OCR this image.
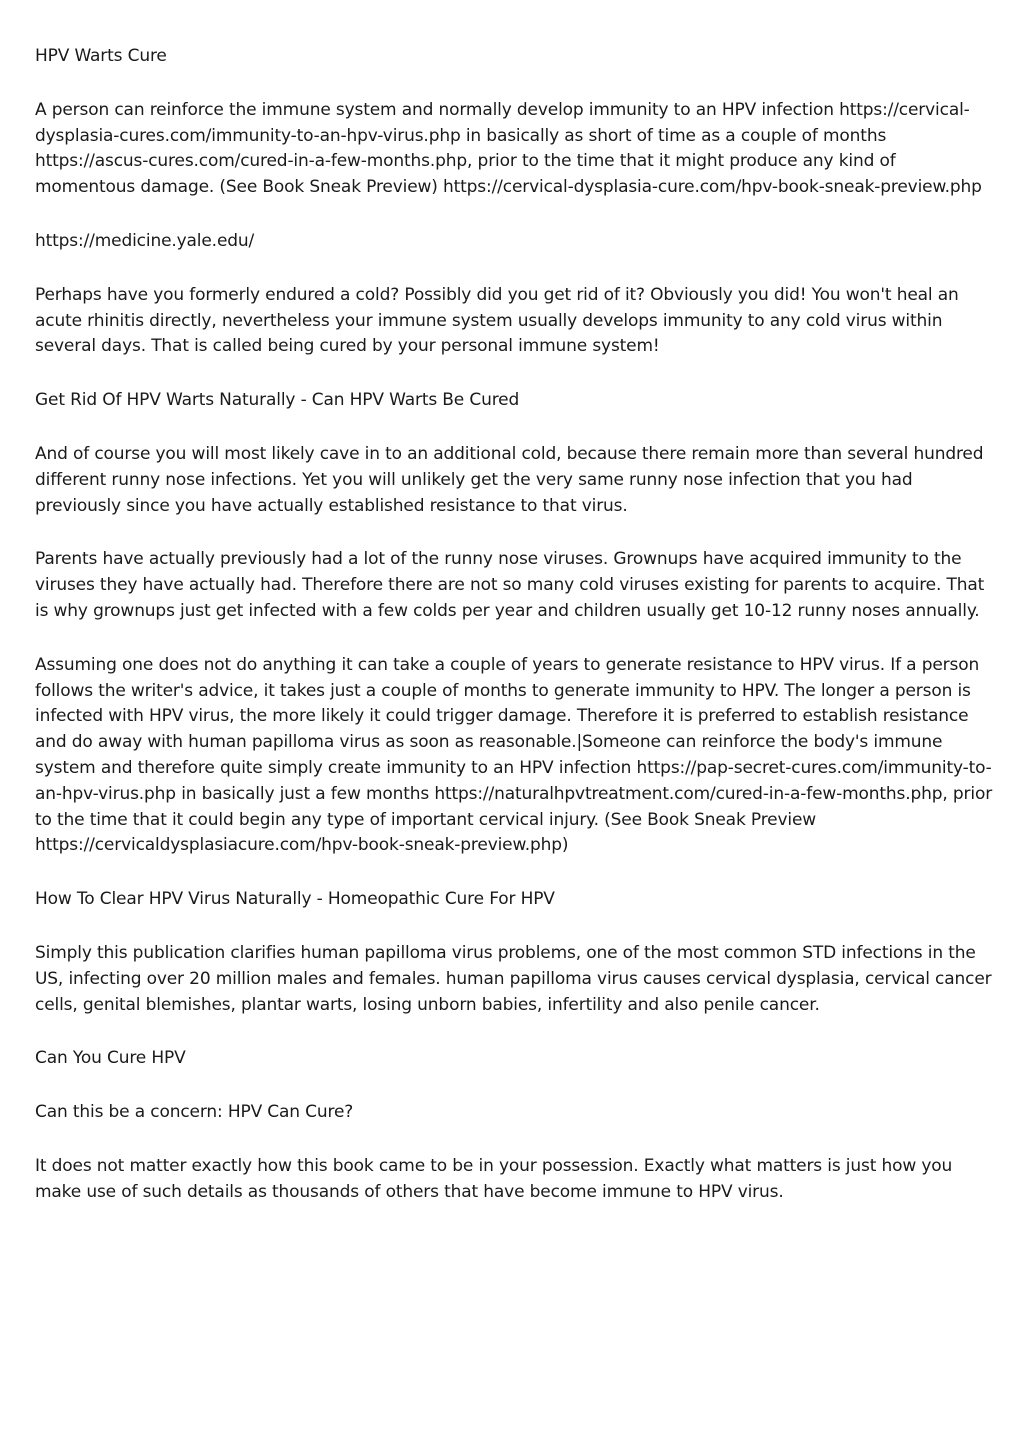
HPV Warts Cure

A person can reinforce the immune system and normally develop immunity to an HPV infection https://cervical-dysplasia-cures.com/immunity-to-an-hpv-virus.php in basically as short of time as a couple of months https://ascus-cures.com/cured-in-a-few-months.php, prior to the time that it might produce any kind of momentous damage. (See Book Sneak Preview) https://cervical-dysplasia-cure.com/hpv-book-sneak-preview.php

https://medicine.yale.edu/

Perhaps have you formerly endured a cold? Possibly did you get rid of it? Obviously you did! You won't heal an acute rhinitis directly, nevertheless your immune system usually develops immunity to any cold virus within several days. That is called being cured by your personal immune system!

Get Rid Of HPV Warts Naturally - Can HPV Warts Be Cured

And of course you will most likely cave in to an additional cold, because there remain more than several hundred different runny nose infections. Yet you will unlikely get the very same runny nose infection that you had previously since you have actually established resistance to that virus.

Parents have actually previously had a lot of the runny nose viruses. Grownups have acquired immunity to the viruses they have actually had. Therefore there are not so many cold viruses existing for parents to acquire. That is why grownups just get infected with a few colds per year and children usually get 10-12 runny noses annually.

Assuming one does not do anything it can take a couple of years to generate resistance to HPV virus. If a person follows the writer's advice, it takes just a couple of months to generate immunity to HPV. The longer a person is infected with HPV virus, the more likely it could trigger damage. Therefore it is preferred to establish resistance and do away with human papilloma virus as soon as reasonable.|Someone can reinforce the body's immune system and therefore quite simply create immunity to an HPV infection https://pap-secret-cures.com/immunity-to-an-hpv-virus.php in basically just a few months https://naturalhpvtreatment.com/cured-in-a-few-months.php, prior to the time that it could begin any type of important cervical injury. (See Book Sneak Preview https://cervicaldysplasiacure.com/hpv-book-sneak-preview.php)

How To Clear HPV Virus Naturally - Homeopathic Cure For HPV

Simply this publication clarifies human papilloma virus problems, one of the most common STD infections in the US, infecting over 20 million males and females. human papilloma virus causes cervical dysplasia, cervical cancer cells, genital blemishes, plantar warts, losing unborn babies, infertility and also penile cancer.

Can You Cure HPV

Can this be a concern: HPV Can Cure?

It does not matter exactly how this book came to be in your possession. Exactly what matters is just how you make use of such details as thousands of others that have become immune to HPV virus.
